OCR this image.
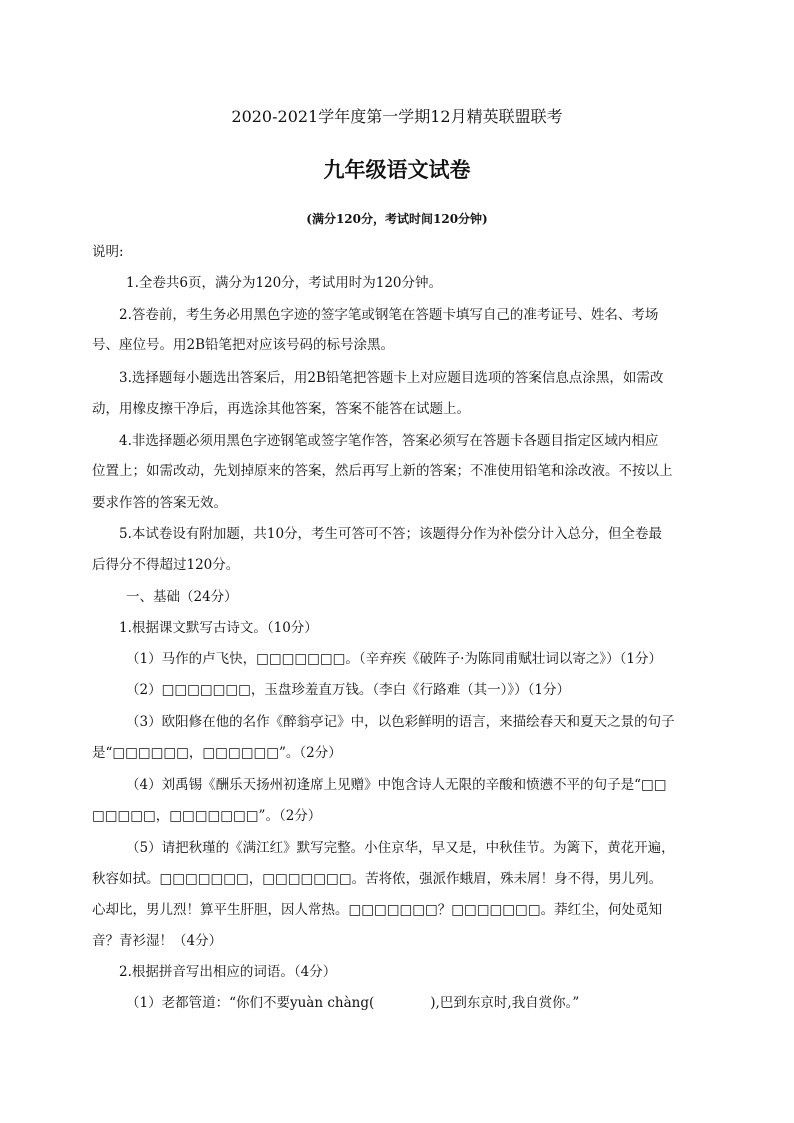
2020-2021学年度第一学期12月精英联盟联考
九年级语文试卷
(满分120分，考试时间120分钟)
说明:
1.全卷共6页，满分为120分，考试用时为120分钟。
2.答卷前，考生务必用黑色字迹的签字笔或钢笔在答题卡填写自己的准考证号、姓名、考场
号、座位号。用2B铅笔把对应该号码的标号涂黑。
3.选择题每小题选出答案后，用2B铅笔把答题卡上对应题目选项的答案信息点涂黑，如需改
动，用橡皮擦干净后，再选涂其他答案，答案不能答在试题上。
4.非选择题必须用黑色字迹钢笔或签字笔作答，答案必须写在答题卡各题目指定区域内相应
位置上；如需改动，先划掉原来的答案，然后再写上新的答案；不准使用铅笔和涂改液。不按以上
要求作答的答案无效。
5.本试卷设有附加题，共10分，考生可答可不答；该题得分作为补偿分计入总分，但全卷最
后得分不得超过120分。
一、基础（24分）
1.根据课文默写古诗文。（10分）
（1）马作的卢飞快，□□□□□□□。（辛弃疾《破阵子·为陈同甫赋壮词以寄之》）（1分）
（2）□□□□□□□，玉盘珍羞直万钱。（李白《行路难（其一）》）（1分）
（3）欧阳修在他的名作《醉翁亭记》中，以色彩鲜明的语言，来描绘春天和夏天之景的句子
是“□□□□□□，□□□□□□”。（2分）
（4）刘禹锡《酬乐天扬州初逢席上见赠》中饱含诗人无限的辛酸和愤懑不平的句子是“□□
□□□□□，□□□□□□□”。（2分）
（5）请把秋瑾的《满江红》默写完整。小住京华，早又是，中秋佳节。为篱下，黄花开遍，
秋容如拭。□□□□□□□，□□□□□□□。苦将侬，强派作蛾眉，殊未屑！身不得，男儿列。
心却比，男儿烈！算平生肝胆，因人常热。□□□□□□□？□□□□□□□。莽红尘，何处觅知
音？青衫湿！（4分）
2.根据拼音写出相应的词语。（4分）
（1）老都管道：“你们不要yuàn chàng(	),巴到东京时,我自赏你。”
